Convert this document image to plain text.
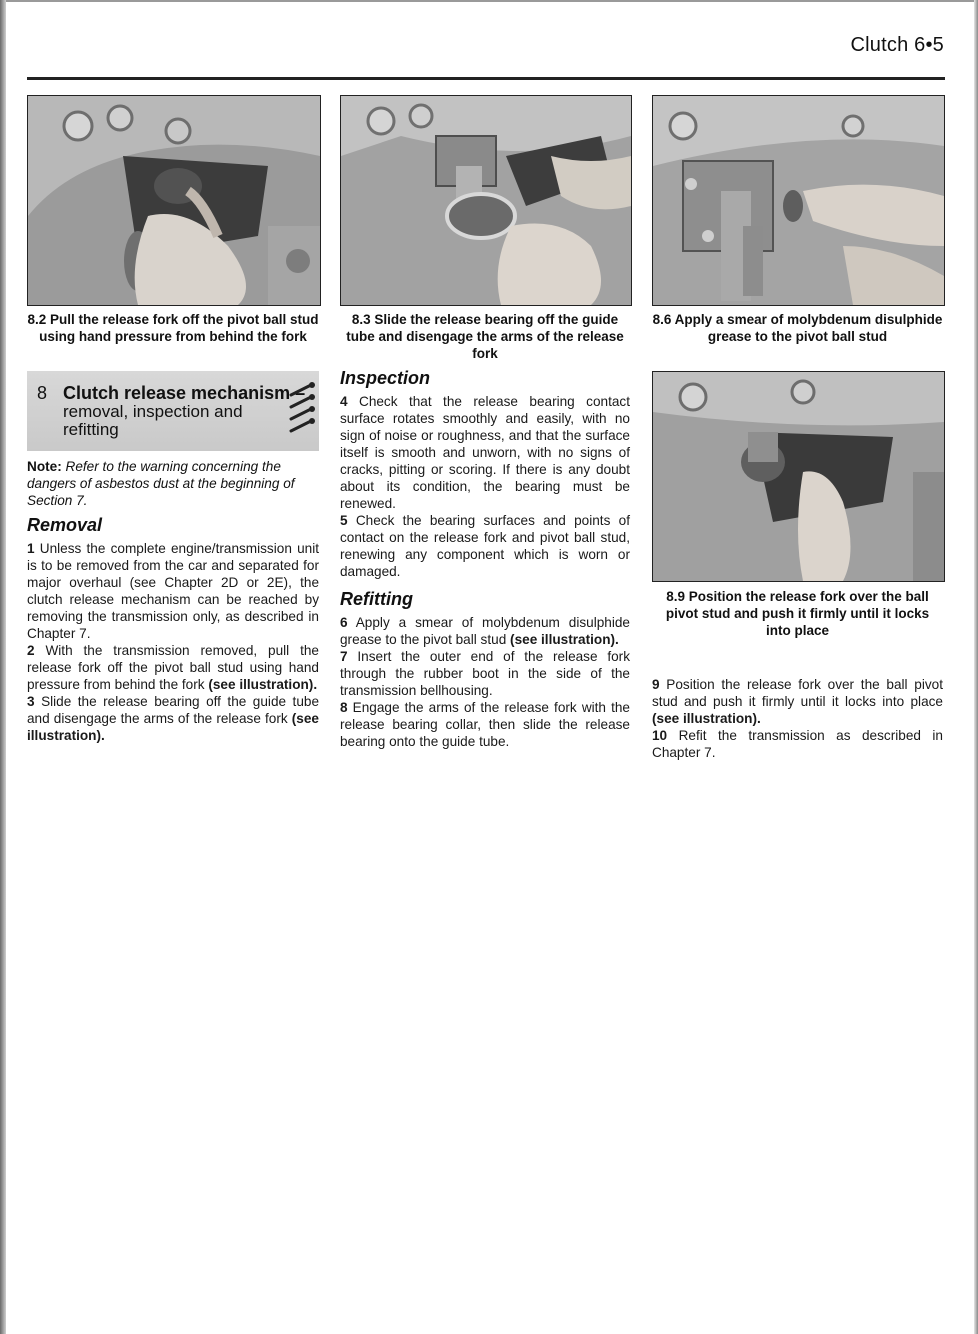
Clutch 6•5
8.2 Pull the release fork off the pivot ball stud using hand pressure from behind the fork
8.3 Slide the release bearing off the guide tube and disengage the arms of the release fork
8.6 Apply a smear of molybdenum disulphide grease to the pivot ball stud
8.9 Position the release fork over the ball pivot stud and push it firmly until it locks into place
8 Clutch release mechanism –
removal, inspection and refitting
Note: Refer to the warning concerning the dangers of asbestos dust at the beginning of Section 7.
Removal

1 Unless the complete engine/transmission unit is to be removed from the car and separated for major overhaul (see Chapter 2D or 2E), the clutch release mechanism can be reached by removing the transmission only, as described in Chapter 7.

2 With the transmission removed, pull the release fork off the pivot ball stud using hand pressure from behind the fork (see illustration).

3 Slide the release bearing off the guide tube and disengage the arms of the release fork (see illustration).

Inspection

4 Check that the release bearing contact surface rotates smoothly and easily, with no sign of noise or roughness, and that the surface itself is smooth and unworn, with no signs of cracks, pitting or scoring. If there is any doubt about its condition, the bearing must be renewed.

5 Check the bearing surfaces and points of contact on the release fork and pivot ball stud, renewing any component which is worn or damaged.

Refitting

6 Apply a smear of molybdenum disulphide grease to the pivot ball stud (see illustration).

7 Insert the outer end of the release fork through the rubber boot in the side of the transmission bellhousing.

8 Engage the arms of the release fork with the release bearing collar, then slide the release bearing onto the guide tube.

9 Position the release fork over the ball pivot stud and push it firmly until it locks into place (see illustration).

10 Refit the transmission as described in Chapter 7.
